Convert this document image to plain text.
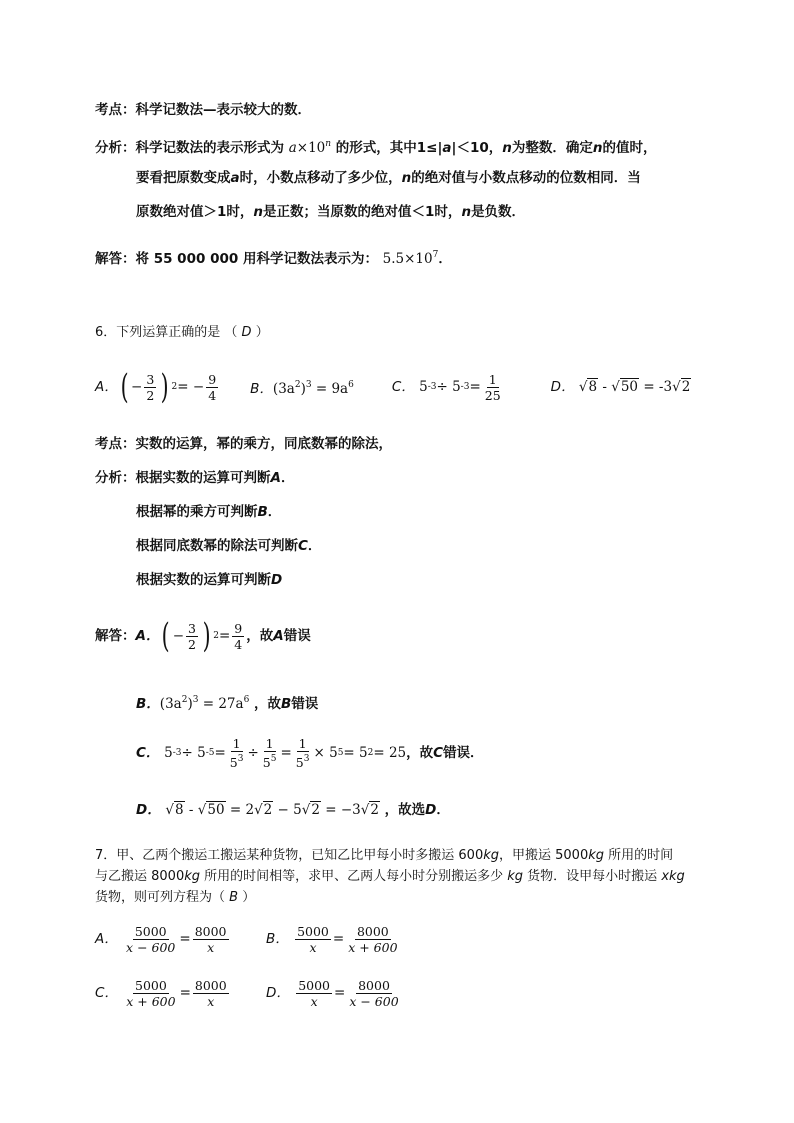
考点：科学记数法—表示较大的数．
分析：科学记数法的表示形式为 $a\times 10^n$ 的形式，其中1≤|a|＜10，n为整数．确定n的值时，
要看把原数变成a时，小数点移动了多少位，n的绝对值与小数点移动的位数相同．当
原数绝对值＞1时，n是正数；当原数的绝对值＜1时，n是负数．
解答：将 55 000 000 用科学记数法表示为： $5.5\times 10^7$．
6．下列运算正确的是 （ D ）
A． ( − $\frac{3}{2}$ ) 2 = − $\frac{9}{4}$ B．$(3a^2)^3 = 9a^6$	C．
5 -3 ÷ 5 $-3 = \frac{1}{25}$	D． √8 - √50 = -3√2
考点：实数的运算，幂的乘方，同底数幂的除法，
分析：根据实数的运算可判断A．
根据幂的乘方可判断B．
根据同底数幂的除法可判断C．
根据实数的运算可判断D
解答： A． ( − $\frac{3}{2}$ ) $2 = \frac{9}{4}$ ，故 A 错误
B．$(3a^2)^3 = 27a^6$ ，故B错误
C．
5 -3 ÷ 5 $-5 = \frac{1}{5^3} \div \frac{1}{5^5} = \frac{1}{5^3} \times 5$ 5 = 5 2 = 25 ，故 C 错误．
D． √8 - √50 = 2√2 − 5√2 = −3√2 ，故选D．
7．甲、乙两个搬运工搬运某种货物，已知乙比甲每小时多搬运 600kg，甲搬运 5000kg 所用的时间
与乙搬运 8000kg 所用的时间相等，求甲、乙两人每小时分别搬运多少 kg 货物．设甲每小时搬运 xkg
货物，则可列方程为（ B ）
A．
$\frac{5000}{x - 600} = \frac{8000}{x}$	B．
$\frac{5000}{x} = \frac{8000}{x + 600}$
C．
$\frac{5000}{x + 600} = \frac{8000}{x}$	D．
$\frac{5000}{x} = \frac{8000}{x - 600}$
